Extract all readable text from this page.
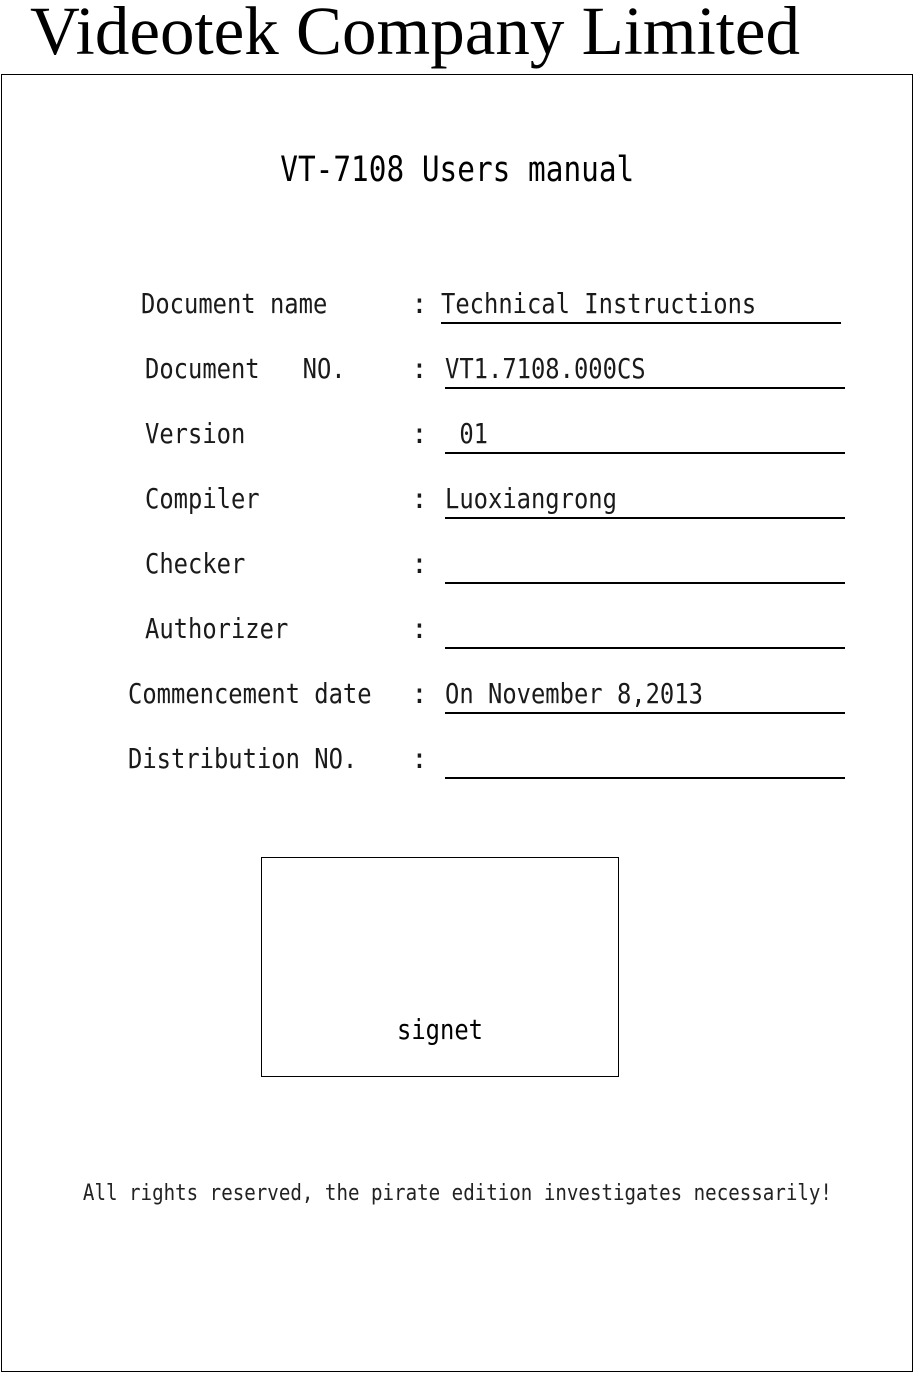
Videotek Company Limited
VT-7108 Users manual
Document name	: Technical Instructions
Document   NO. : VT1.7108.000CS
Version	: 01
Compiler	: Luoxiangrong
Checker	:
Authorizer	:
Commencement date : On November 8,2013
Distribution NO. :
signet
All rights reserved, the pirate edition investigates necessarily!
